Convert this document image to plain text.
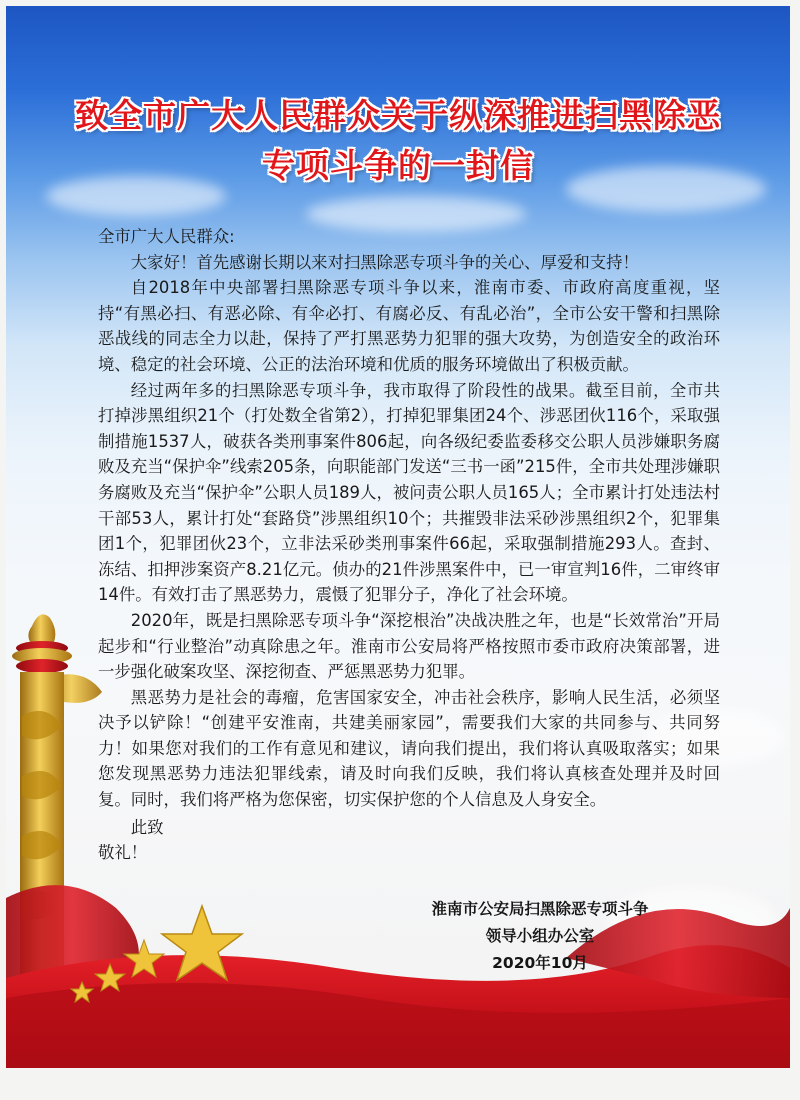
致全市广大人民群众关于纵深推进扫黑除恶
专项斗争的一封信

全市广大人民群众:

大家好！首先感谢长期以来对扫黑除恶专项斗争的关心、厚爱和支持！

自2018年中央部署扫黑除恶专项斗争以来，淮南市委、市政府高度重视，坚持“有黑必扫、有恶必除、有伞必打、有腐必反、有乱必治”，全市公安干警和扫黑除恶战线的同志全力以赴，保持了严打黑恶势力犯罪的强大攻势，为创造安全的政治环境、稳定的社会环境、公正的法治环境和优质的服务环境做出了积极贡献。

经过两年多的扫黑除恶专项斗争，我市取得了阶段性的战果。截至目前，全市共打掉涉黑组织21个（打处数全省第2），打掉犯罪集团24个、涉恶团伙116个，采取强制措施1537人，破获各类刑事案件806起，向各级纪委监委移交公职人员涉嫌职务腐败及充当“保护伞”线索205条，向职能部门发送“三书一函”215件，全市共处理涉嫌职务腐败及充当“保护伞”公职人员189人，被问责公职人员165人；全市累计打处违法村干部53人，累计打处“套路贷”涉黑组织10个；共摧毁非法采砂涉黑组织2个，犯罪集团1个，犯罪团伙23个，立非法采砂类刑事案件66起，采取强制措施293人。查封、冻结、扣押涉案资产8.21亿元。侦办的21件涉黑案件中，已一审宣判16件，二审终审14件。有效打击了黑恶势力，震慑了犯罪分子，净化了社会环境。

2020年，既是扫黑除恶专项斗争“深挖根治”决战决胜之年，也是“长效常治”开局起步和“行业整治”动真除患之年。淮南市公安局将严格按照市委市政府决策部署，进一步强化破案攻坚、深挖彻查、严惩黑恶势力犯罪。

黑恶势力是社会的毒瘤，危害国家安全，冲击社会秩序，影响人民生活，必须坚决予以铲除！“创建平安淮南，共建美丽家园”，需要我们大家的共同参与、共同努力！如果您对我们的工作有意见和建议，请向我们提出，我们将认真吸取落实；如果您发现黑恶势力违法犯罪线索，请及时向我们反映，我们将认真核查处理并及时回复。同时，我们将严格为您保密，切实保护您的个人信息及人身安全。

此致

敬礼！

淮南市公安局扫黑除恶专项斗争
领导小组办公室
2020年10月
